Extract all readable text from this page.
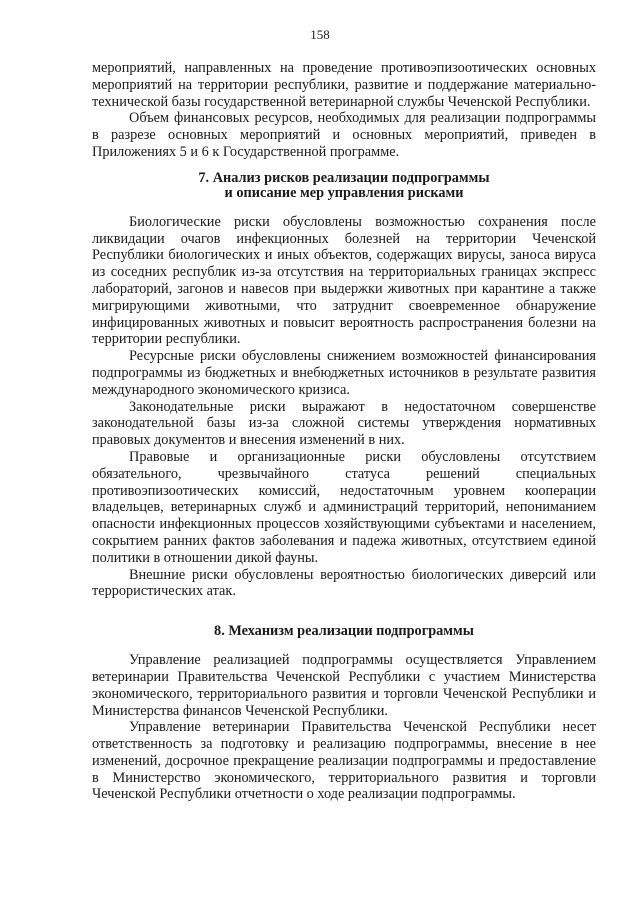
158

мероприятий, направленных на проведение противоэпизоотических основных мероприятий на территории республики, развитие и поддержание материально-технической базы государственной ветеринарной службы Чеченской Республики.

Объем финансовых ресурсов, необходимых для реализации подпрограммы в разрезе основных мероприятий и основных мероприятий, приведен в Приложениях 5 и 6 к Государственной программе.

7. Анализ рисков реализации подпрограммы
и описание мер управления рисками

Биологические риски обусловлены возможностью сохранения после ликвидации очагов инфекционных болезней на территории Чеченской Республики биологических и иных объектов, содержащих вирусы, заноса вируса из соседних республик из-за отсутствия на территориальных границах экспресс лабораторий, загонов и навесов при выдержки животных при карантине а также мигрирующими животными, что затруднит своевременное обнаружение инфицированных животных и повысит вероятность распространения болезни на территории республики.

Ресурсные риски обусловлены снижением возможностей финансирования подпрограммы из бюджетных и внебюджетных источников в результате развития международного экономического кризиса.

Законодательные риски выражают в недостаточном совершенстве законодательной базы из-за сложной системы утверждения нормативных правовых документов и внесения изменений в них.

Правовые и организационные риски обусловлены отсутствием обязательного, чрезвычайного статуса решений специальных противоэпизоотических комиссий, недостаточным уровнем кооперации владельцев, ветеринарных служб и администраций территорий, непониманием опасности инфекционных процессов хозяйствующими субъектами и населением, сокрытием ранних фактов заболевания и падежа животных, отсутствием единой политики в отношении дикой фауны.

Внешние риски обусловлены вероятностью биологических диверсий или террористических атак.

8. Механизм реализации подпрограммы

Управление реализацией подпрограммы осуществляется Управлением ветеринарии Правительства Чеченской Республики с участием Министерства экономического, территориального развития и торговли Чеченской Республики и Министерства финансов Чеченской Республики.

Управление ветеринарии Правительства Чеченской Республики несет ответственность за подготовку и реализацию подпрограммы, внесение в нее изменений, досрочное прекращение реализации подпрограммы и предоставление в Министерство экономического, территориального развития и торговли Чеченской Республики отчетности о ходе реализации подпрограммы.
